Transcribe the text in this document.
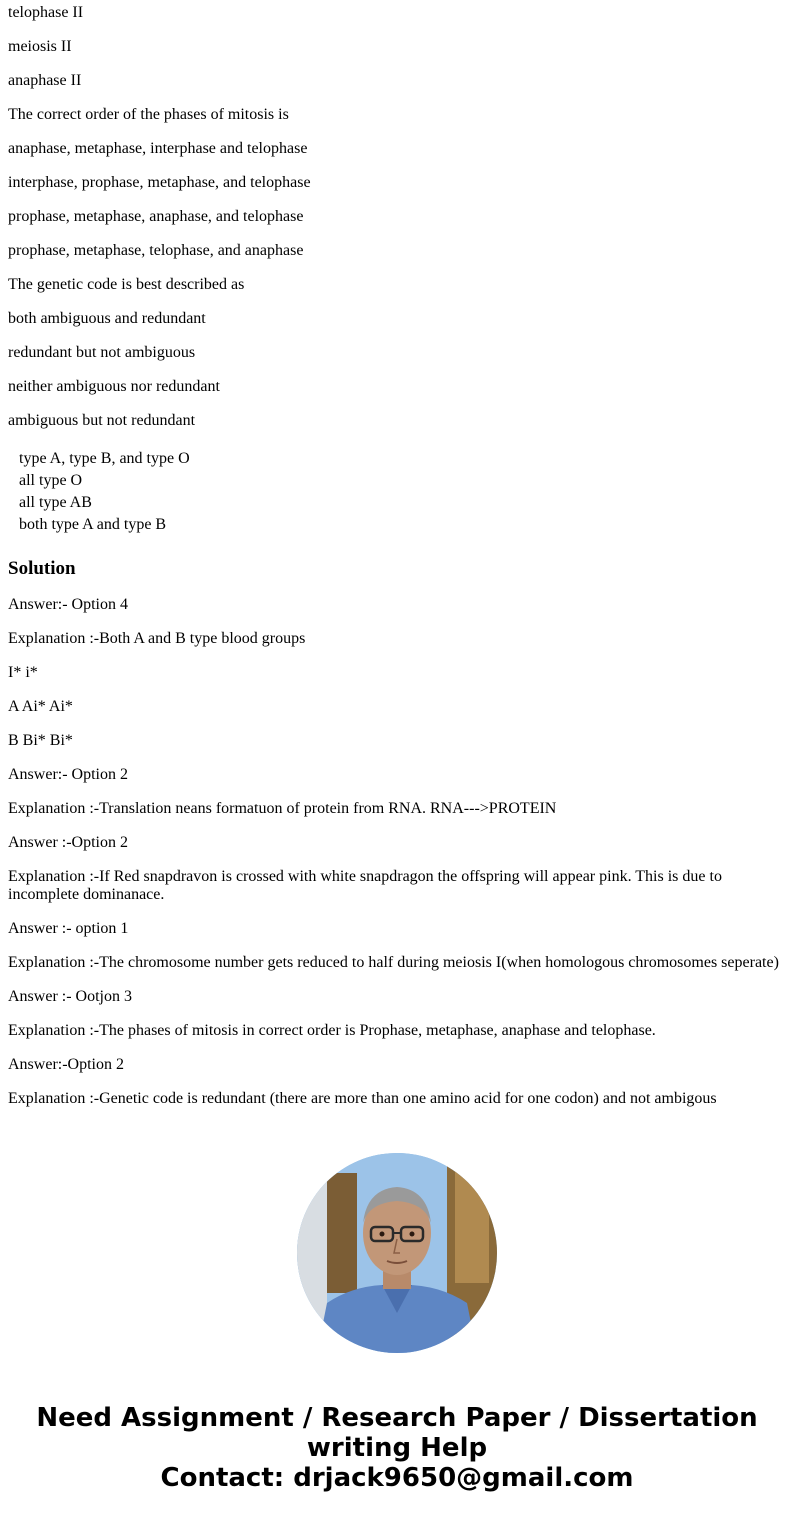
telophase II

meiosis II

anaphase II

The correct order of the phases of mitosis is

anaphase, metaphase, interphase and telophase

interphase, prophase, metaphase, and telophase

prophase, metaphase, anaphase, and telophase

prophase, metaphase, telophase, and anaphase

The genetic code is best described as

both ambiguous and redundant

redundant but not ambiguous

neither ambiguous nor redundant

ambiguous but not redundant

type A, type B, and type O
all type O
all type AB
both type A and type B
Solution

Answer:- Option 4

Explanation :-Both A and B type blood groups

I* i*

A Ai* Ai*

B Bi* Bi*

Answer:- Option 2

Explanation :-Translation neans formatuon of protein from RNA. RNA--->PROTEIN

Answer :-Option 2

Explanation :-If Red snapdravon is crossed with white snapdragon the offspring will appear pink. This is due to incomplete dominanace.

Answer :- option 1

Explanation :-The chromosome number gets reduced to half during meiosis I(when homologous chromosomes seperate)

Answer :- Ootjon 3

Explanation :-The phases of mitosis in correct order is Prophase, metaphase, anaphase and telophase.

Answer:-Option 2

Explanation :-Genetic code is redundant (there are more than one amino acid for one codon) and not ambigous

Need Assignment / Research Paper / Dissertation
writing Help
Contact: drjack9650@gmail.com
